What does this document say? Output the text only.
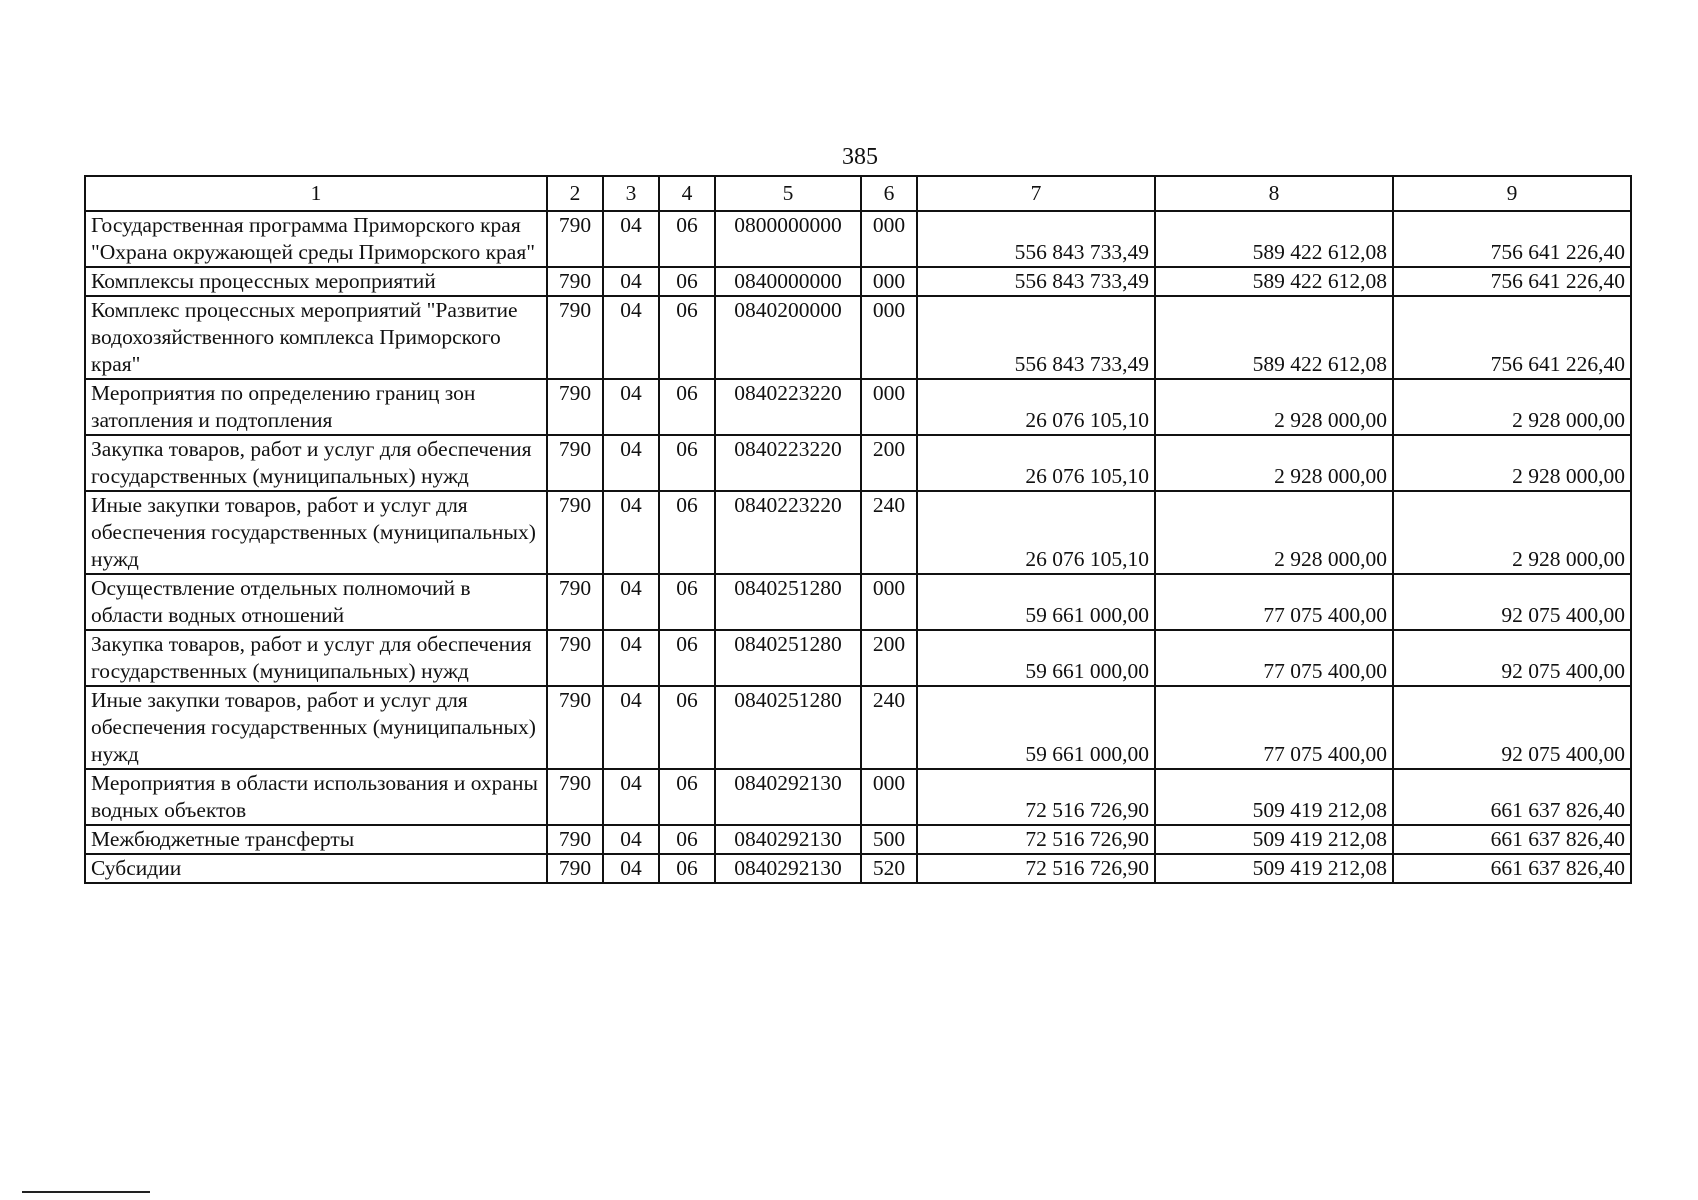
385
1	2	3	4	5	6	7	8	9
Государственная программа Приморского края "Охрана окружающей среды Приморского края"	790	04	06	0800000000	000	556 843 733,49	589 422 612,08	756 641 226,40
Комплексы процессных мероприятий	790	04	06	0840000000	000	556 843 733,49	589 422 612,08	756 641 226,40
Комплекс процессных мероприятий "Развитие водохозяйственного комплекса Приморского края"	790	04	06	0840200000	000	556 843 733,49	589 422 612,08	756 641 226,40
Мероприятия по определению границ зон затопления и подтопления	790	04	06	0840223220	000	26 076 105,10	2 928 000,00	2 928 000,00
Закупка товаров, работ и услуг для обеспечения государственных (муниципальных) нужд	790	04	06	0840223220	200	26 076 105,10	2 928 000,00	2 928 000,00
Иные закупки товаров, работ и услуг для обеспечения государственных (муниципальных) нужд	790	04	06	0840223220	240	26 076 105,10	2 928 000,00	2 928 000,00
Осуществление отдельных полномочий в области водных отношений	790	04	06	0840251280	000	59 661 000,00	77 075 400,00	92 075 400,00
Закупка товаров, работ и услуг для обеспечения государственных (муниципальных) нужд	790	04	06	0840251280	200	59 661 000,00	77 075 400,00	92 075 400,00
Иные закупки товаров, работ и услуг для обеспечения государственных (муниципальных) нужд	790	04	06	0840251280	240	59 661 000,00	77 075 400,00	92 075 400,00
Мероприятия в области использования и охраны водных объектов	790	04	06	0840292130	000	72 516 726,90	509 419 212,08	661 637 826,40
Межбюджетные трансферты	790	04	06	0840292130	500	72 516 726,90	509 419 212,08	661 637 826,40
Субсидии	790	04	06	0840292130	520	72 516 726,90	509 419 212,08	661 637 826,40
